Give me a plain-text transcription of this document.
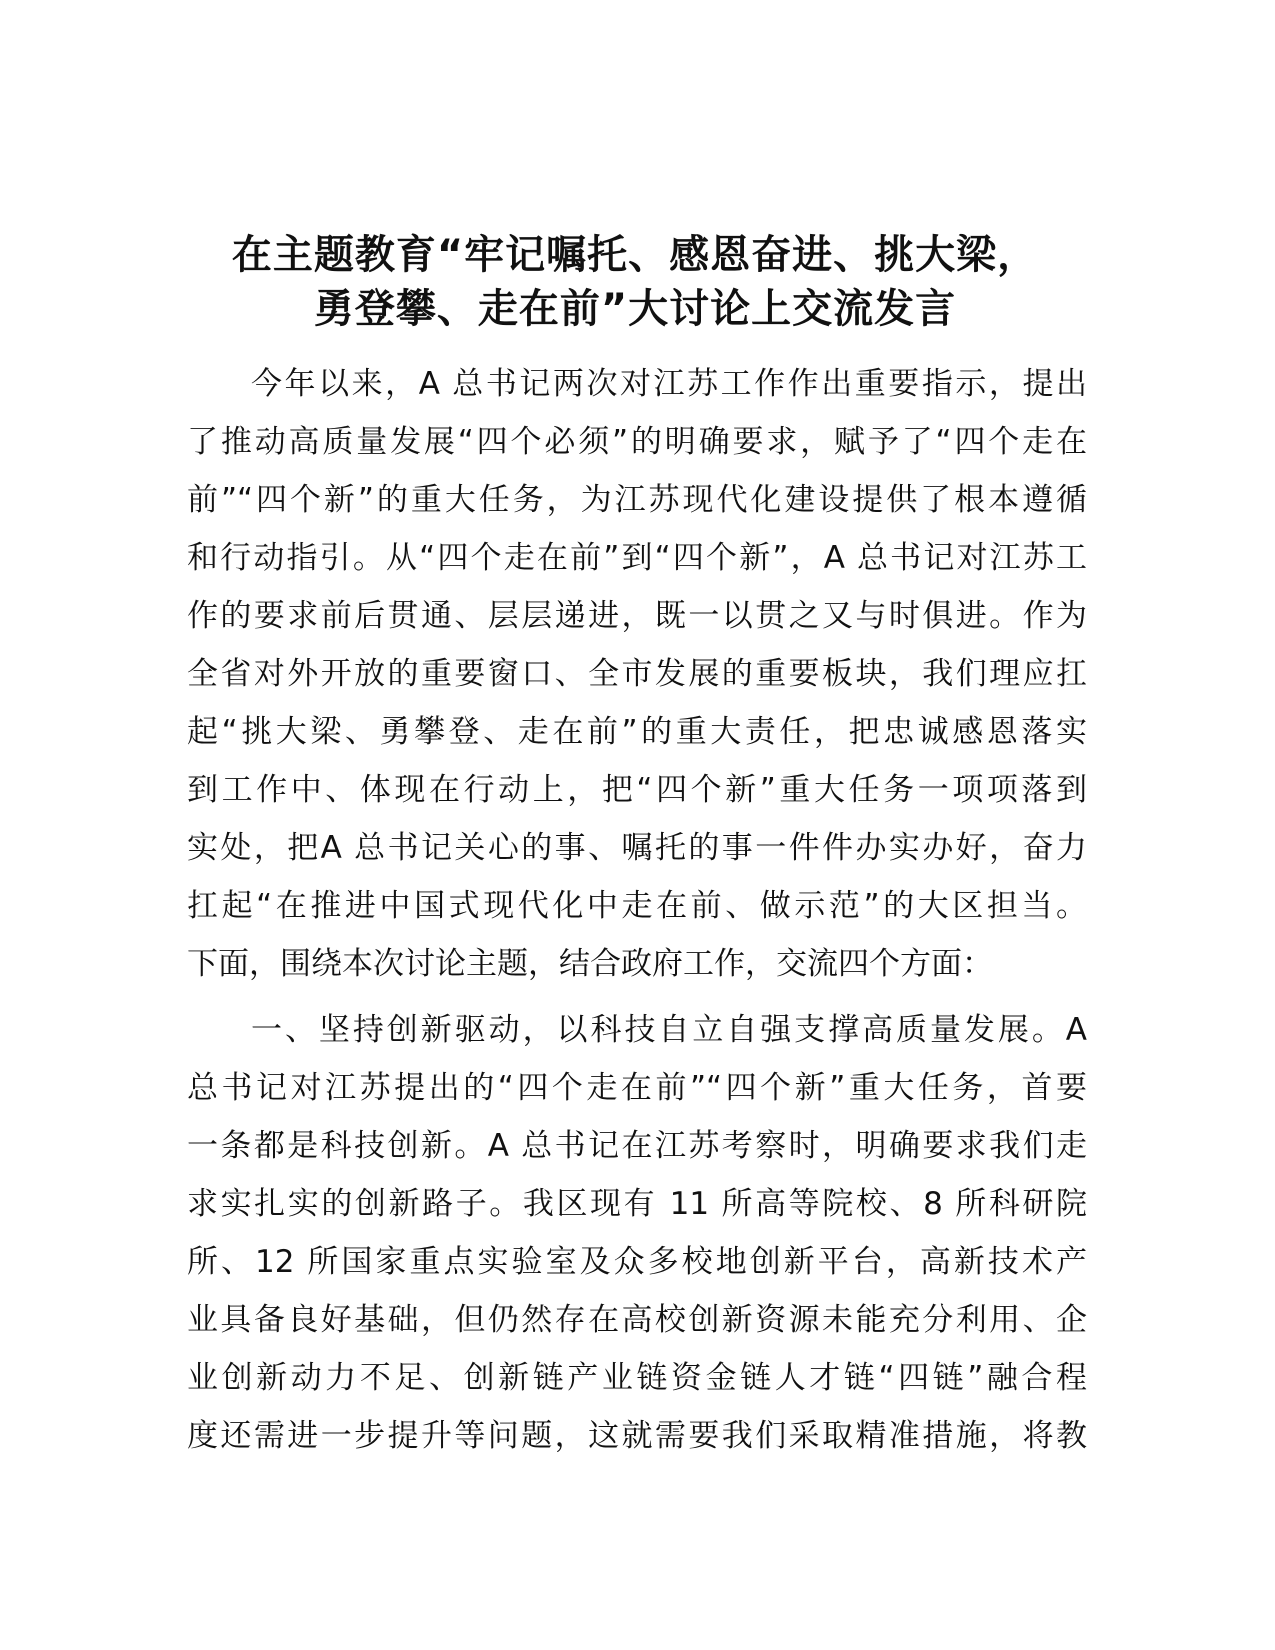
在主题教育“牢记嘱托、感恩奋进、挑大梁，
勇登攀、走在前”大讨论上交流发言
今年以来，A 总书记两次对江苏工作作出重要指示，提出
了推动高质量发展“四个必须”的明确要求，赋予了“四个走在
前”“四个新”的重大任务，为江苏现代化建设提供了根本遵循
和行动指引。从“四个走在前”到“四个新”，A 总书记对江苏工
作的要求前后贯通、层层递进，既一以贯之又与时俱进。作为
全省对外开放的重要窗口、全市发展的重要板块，我们理应扛
起“挑大梁、勇攀登、走在前”的重大责任，把忠诚感恩落实
到工作中、体现在行动上，把“四个新”重大任务一项项落到
实处，把A 总书记关心的事、嘱托的事一件件办实办好，奋力
扛起“在推进中国式现代化中走在前、做示范”的大区担当。
下面，围绕本次讨论主题，结合政府工作，交流四个方面：
一、坚持创新驱动，以科技自立自强支撑高质量发展。A
总书记对江苏提出的“四个走在前”“四个新”重大任务，首要
一条都是科技创新。A 总书记在江苏考察时，明确要求我们走
求实扎实的创新路子。我区现有 11 所高等院校、8 所科研院
所、12 所国家重点实验室及众多校地创新平台，高新技术产
业具备良好基础，但仍然存在高校创新资源未能充分利用、企
业创新动力不足、创新链产业链资金链人才链“四链”融合程
度还需进一步提升等问题，这就需要我们采取精准措施，将教
